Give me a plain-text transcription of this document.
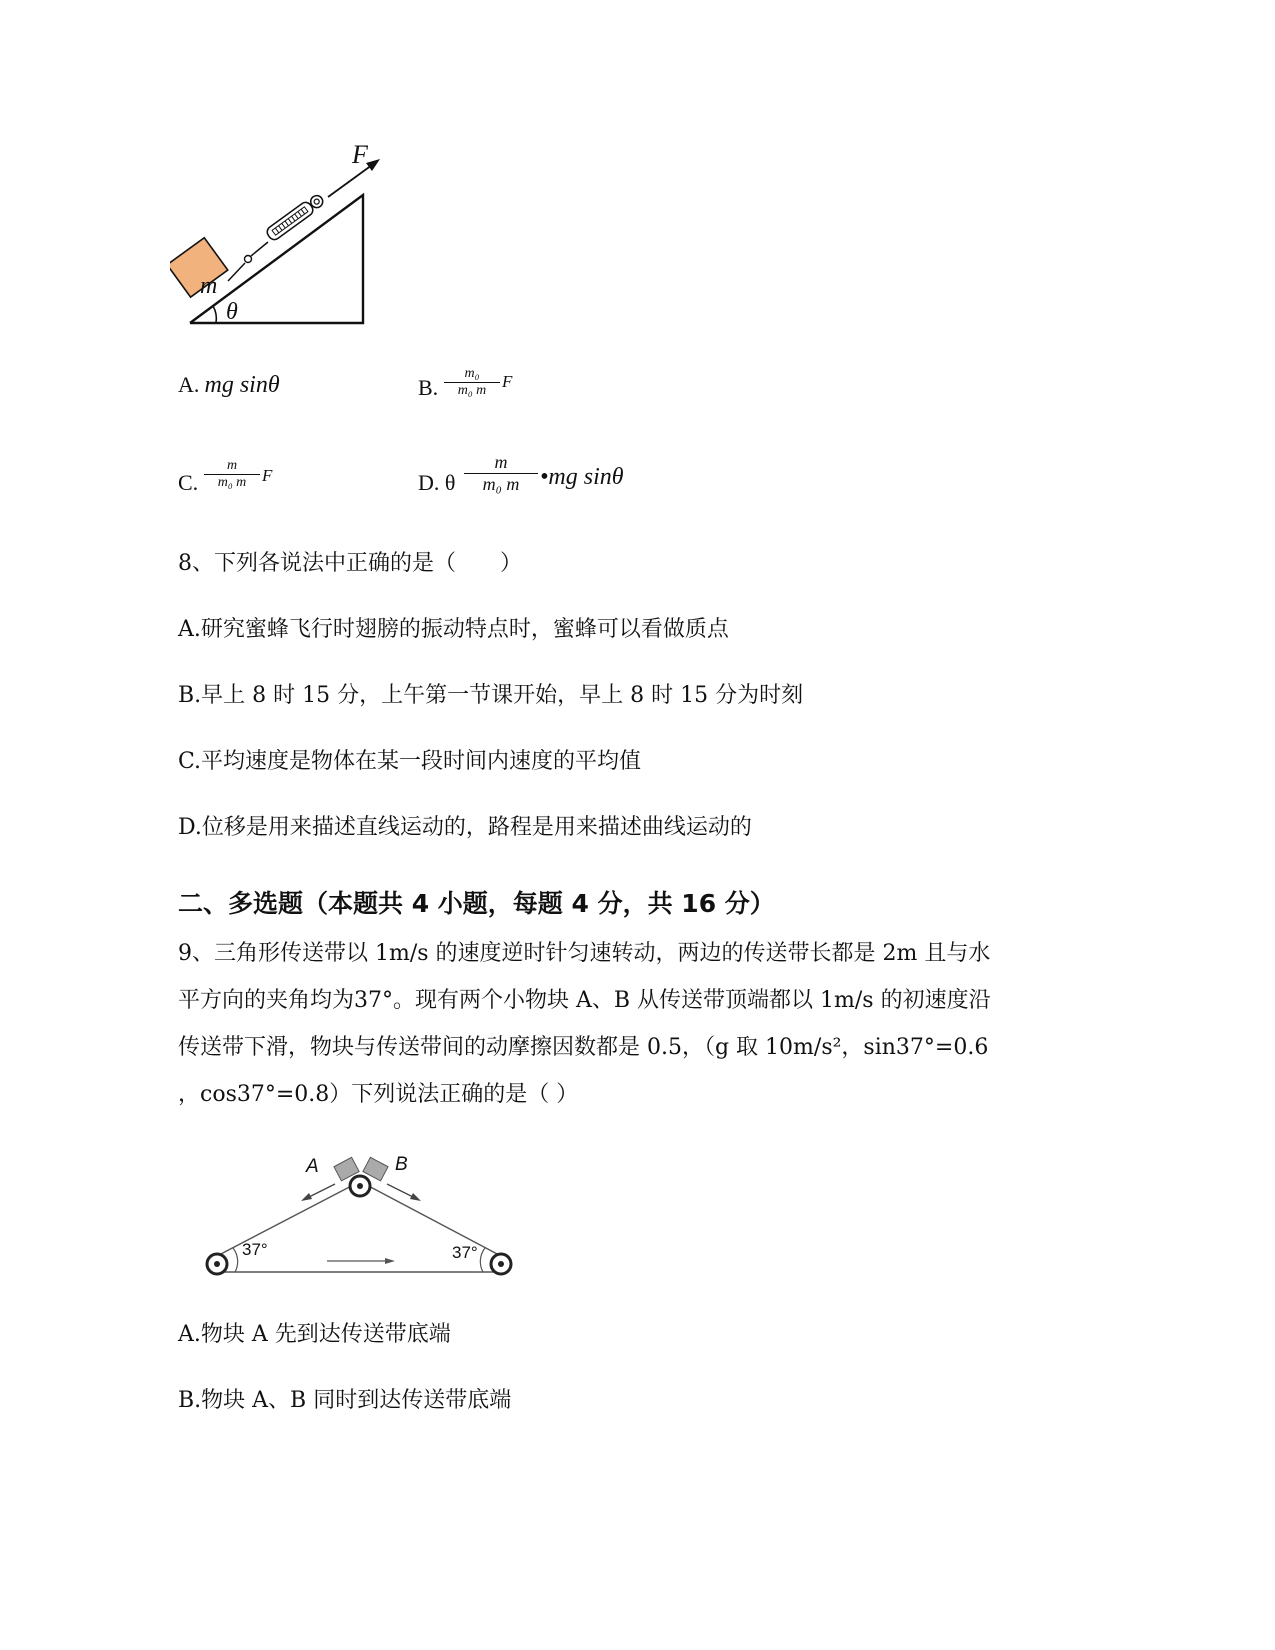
F
m
θ
A. mg sinθ	B.
m₀
m₀ m F
C.
m
m₀ m F	D. θ
m
m₀ m •mg sinθ
8、下列各说法中正确的是（　　）
A.研究蜜蜂飞行时翅膀的振动特点时，蜜蜂可以看做质点
B.早上 8 时 15 分，上午第一节课开始，早上 8 时 15 分为时刻
C.平均速度是物体在某一段时间内速度的平均值
D.位移是用来描述直线运动的，路程是用来描述曲线运动的
二、多选题（本题共 4 小题，每题 4 分，共 16 分）
9、三角形传送带以 1m/s 的速度逆时针匀速转动，两边的传送带长都是 2m 且与水
平方向的夹角均为37°。现有两个小物块 A、B 从传送带顶端都以 1m/s 的初速度沿
传送带下滑，物块与传送带间的动摩擦因数都是 0.5，（g 取 10m/s²，sin37°=0.6
，cos37°=0.8）下列说法正确的是（ ）
A	B
37°	37°
A.物块 A 先到达传送带底端
B.物块 A、B 同时到达传送带底端
